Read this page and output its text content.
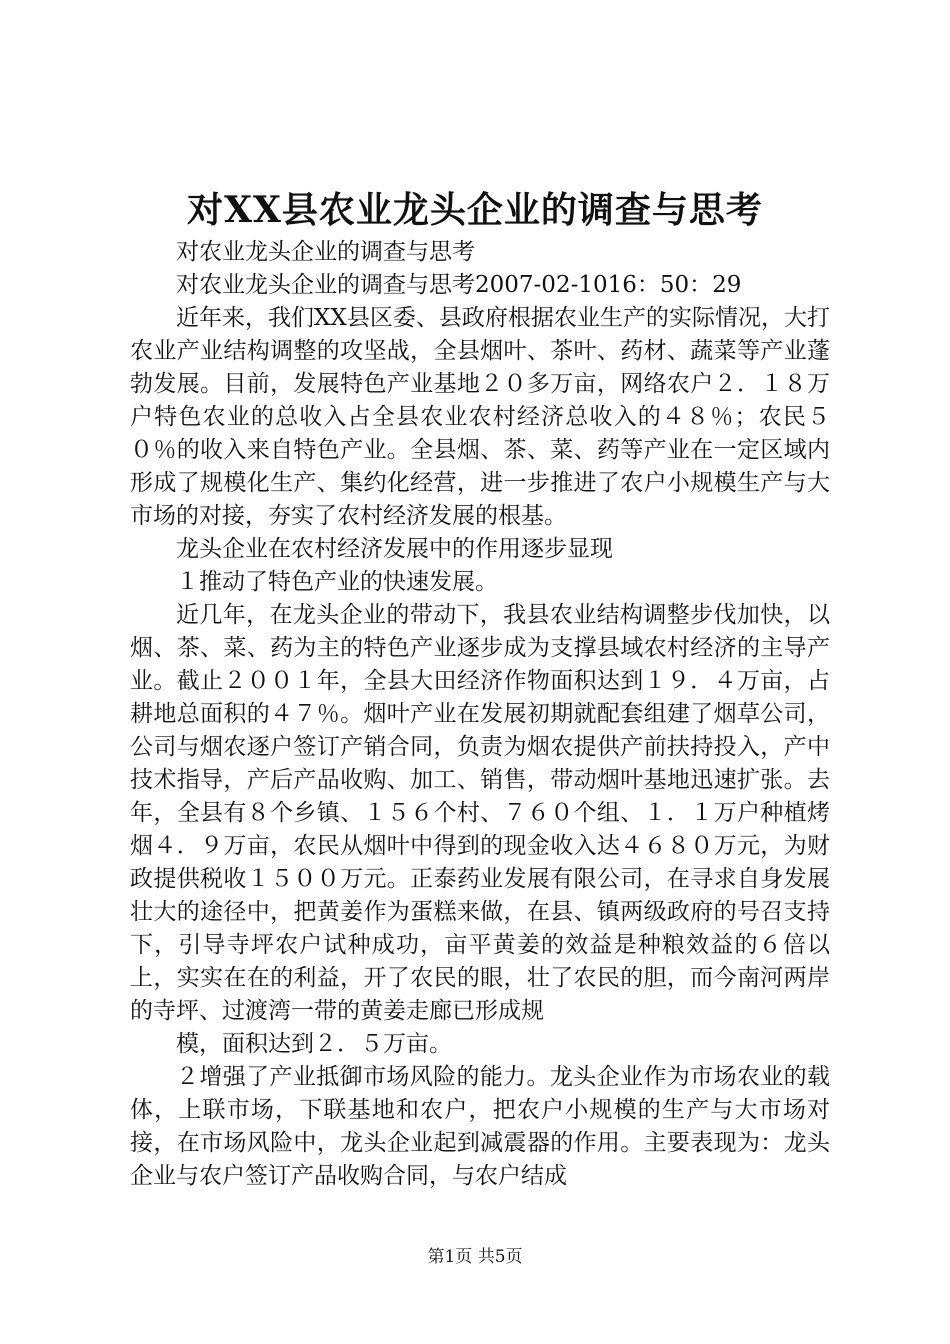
对XX县农业龙头企业的调查与思考

对农业龙头企业的调查与思考

对农业龙头企业的调查与思考2007-02-1016：50：29

近年来，我们XX县区委、县政府根据农业生产的实际情况，大打农业产业结构调整的攻坚战，全县烟叶、茶叶、药材、蔬菜等产业蓬勃发展。目前，发展特色产业基地２０多万亩，网络农户２．１８万户特色农业的总收入占全县农业农村经济总收入的４８％；农民５０％的收入来自特色产业。全县烟、茶、菜、药等产业在一定区域内形成了规模化生产、集约化经营，进一步推进了农户小规模生产与大市场的对接，夯实了农村经济发展的根基。

龙头企业在农村经济发展中的作用逐步显现

１推动了特色产业的快速发展。

近几年，在龙头企业的带动下，我县农业结构调整步伐加快，以烟、茶、菜、药为主的特色产业逐步成为支撑县域农村经济的主导产业。截止２００１年，全县大田经济作物面积达到１９．４万亩，占耕地总面积的４７％。烟叶产业在发展初期就配套组建了烟草公司，公司与烟农逐户签订产销合同，负责为烟农提供产前扶持投入，产中技术指导，产后产品收购、加工、销售，带动烟叶基地迅速扩张。去年，全县有８个乡镇、１５６个村、７６０个组、１．１万户种植烤烟４．９万亩，农民从烟叶中得到的现金收入达４６８０万元，为财政提供税收１５００万元。正泰药业发展有限公司，在寻求自身发展壮大的途径中，把黄姜作为蛋糕来做，在县、镇两级政府的号召支持下，引导寺坪农户试种成功，亩平黄姜的效益是种粮效益的６倍以上，实实在在的利益，开了农民的眼，壮了农民的胆，而今南河两岸的寺坪、过渡湾一带的黄姜走廊已形成规

模，面积达到２．５万亩。

２增强了产业抵御市场风险的能力。龙头企业作为市场农业的载体，上联市场，下联基地和农户，把农户小规模的生产与大市场对接，在市场风险中，龙头企业起到减震器的作用。主要表现为：龙头企业与农户签订产品收购合同，与农户结成

第1页 共5页
